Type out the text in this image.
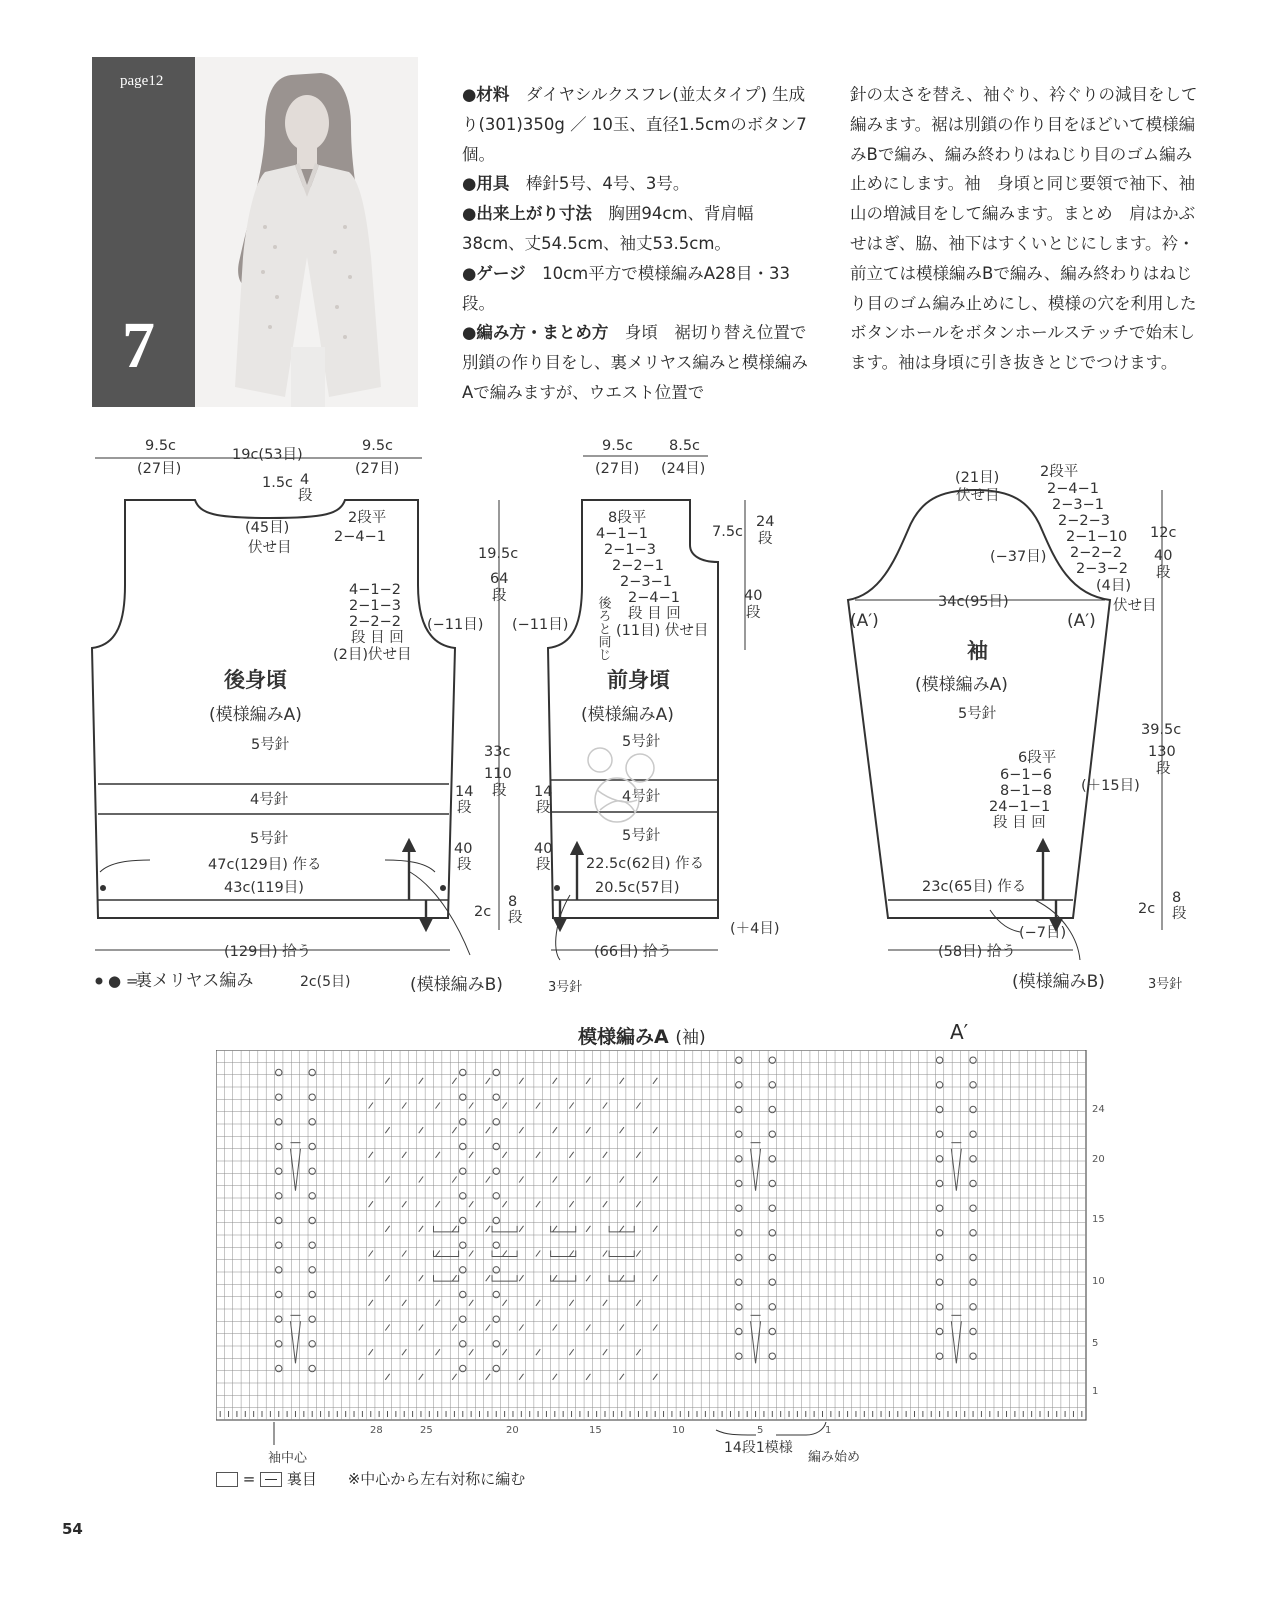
page12
7

●材料　ダイヤシルクスフレ(並太タイプ) 生成り(301)350g ／ 10玉、直径1.5cmのボタン7個。

●用具　棒針5号、4号、3号。

●出来上がり寸法　胸囲94cm、背肩幅38cm、丈54.5cm、袖丈53.5cm。

●ゲージ　10cm平方で模様編みA28目・33段。

●編み方・まとめ方　身頃　裾切り替え位置で別鎖の作り目をし、裏メリヤス編みと模様編みAで編みますが、ウエスト位置で

針の太さを替え、袖ぐり、衿ぐりの減目をして編みます。裾は別鎖の作り目をほどいて模様編みBで編み、編み終わりはねじり目のゴム編み止めにします。袖　身頃と同じ要領で袖下、袖山の増減目をして編みます。まとめ　肩はかぶせはぎ、脇、袖下はすくいとじにします。衿・前立ては模様編みBで編み、編み終わりはねじり目のゴム編み止めにし、模様の穴を利用したボタンホールをボタンホールステッチで始末します。袖は身頃に引き抜きとじでつけます。

9.5c
(27目)
19c(53目)
9.5c
(27目)
1.5c 4
段
(45目)
伏せ目
2段平
2−4−1
4−1−2
2−1−3
2−2−2
段 目 回
(2目)伏せ目
(−11目)
19.5c
64
段
33c
110
段
14
段
40
段
47c(129目) 作る
43c(119目)
2c
8
段
(129目) 拾う
4号針
5号針
5号針
後身頃
(模様編みA)
9.5c
(27目)
8.5c
(24目)
8段平
4−1−1
2−1−3
2−2−1
2−3−1
2−4−1
段 目 回
(11目) 伏せ目
(−11目)
7.5c
24
段
40
段
14
段
40
段 22.5c(62目) 作る
20.5c(57目)
(＋4目)
(66目) 拾う
5号針
4号針
5号針
後ろと同じ
前身頃
(模様編みA)
(21目)
伏せ目
2段平
2−4−1
2−3−1
2−2−3
2−1−10
2−2−2
2−3−2
(−37目)
(4目)
伏せ目
12c
40
段
34c(95目)
6段平
6−1−6
8−1−8
24−1−1
段 目 回
(＋15目)
39.5c
130
段
23c(65目) 作る
(−7目)
2c
8
段
(58目) 拾う
5号針
(A′)	(A′)
袖
(模様編みA)
● =
裏メリヤス編み	2c(5目)	(模様編みB)	3号針	(模様編みB)	3号針
模様編みA (袖)	A′
24
20
15
10
5
1
28	25	20	15	10	5	1
袖中心
14段1模様
編み始め
= 裏目 ※中心から左右対称に編む
54
